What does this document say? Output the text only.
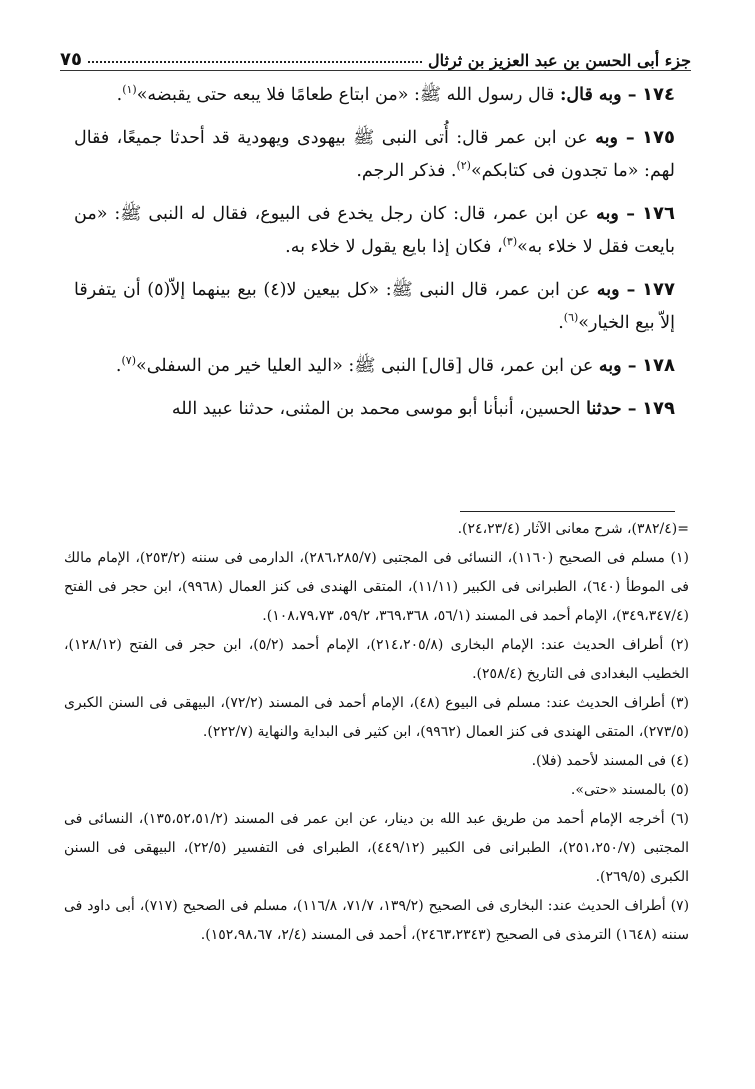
جزء أبى الحسن بن عبد العزيز بن ثرثال
٧٥

١٧٤ – وبه قال: قال رسول الله ﷺ: «من ابتاع طعامًا فلا يبعه حتى يقبضه»$^{(١)}$.

١٧٥ – وبه عن ابن عمر قال: أُتى النبى ﷺ بيهودى ويهودية قد أحدثا جميعًا، فقال لهم: «ما تجدون فى كتابكم»$^{(٢)}$. فذكر الرجم.

١٧٦ – وبه عن ابن عمر، قال: كان رجل يخدع فى البيوع، فقال له النبى ﷺ: «من بايعت فقل لا خلاء به»$^{(٣)}$، فكان إذا بايع يقول لا خلاء به.

١٧٧ – وبه عن ابن عمر، قال النبى ﷺ: «كل بيعين لا(٤) بيع بينهما إلاّ(٥) أن يتفرقا إلاّ بيع الخيار»$^{(٦)}$.

١٧٨ – وبه عن ابن عمر، قال [قال] النبى ﷺ: «اليد العليا خير من السفلى»$^{(٧)}$.

١٧٩ – حدثنا الحسين، أنبأنا أبو موسى محمد بن المثنى، حدثنا عبيد الله

=(٣٨٢/٤)، شرح معانى الآثار (٢٤،٢٣/٤).

(١) مسلم فى الصحيح (١١٦٠)، النسائى فى المجتبى (٢٨٦،٢٨٥/٧)، الدارمى فى سننه (٢٥٣/٢)، الإمام مالك فى الموطأ (٦٤٠)، الطبرانى فى الكبير (١١/١١)، المتقى الهندى فى كنز العمال (٩٩٦٨)، ابن حجر فى الفتح (٣٤٩،٣٤٧/٤)، الإمام أحمد فى المسند (٥٦/١، ٣٦٩،٣٦٨، ٥٩/٢، ١٠٨،٧٩،٧٣).

(٢) أطراف الحديث عند: الإمام البخارى (٢١٤،٢٠٥/٨)، الإمام أحمد (٥/٢)، ابن حجر فى الفتح (١٢٨/١٢)، الخطيب البغدادى فى التاريخ (٢٥٨/٤).

(٣) أطراف الحديث عند: مسلم فى البيوع (٤٨)، الإمام أحمد فى المسند (٧٢/٢)، البيهقى فى السنن الكبرى (٢٧٣/٥)، المتقى الهندى فى كنز العمال (٩٩٦٢)، ابن كثير فى البداية والنهاية (٢٢٢/٧).

(٤) فى المسند لأحمد (فلا).

(٥) بالمسند «حتى».

(٦) أخرجه الإمام أحمد من طريق عبد الله بن دينار، عن ابن عمر فى المسند (١٣٥،٥٢،٥١/٢)، النسائى فى المجتبى (٢٥١،٢٥٠/٧)، الطبرانى فى الكبير (٤٤٩/١٢)، الطبراى فى التفسير (٢٢/٥)، البيهقى فى السنن الكبرى (٢٦٩/٥).

(٧) أطراف الحديث عند: البخارى فى الصحيح (١٣٩/٢، ٧١/٧، ١١٦/٨)، مسلم فى الصحيح (٧١٧)، أبى داود فى سننه (١٦٤٨) الترمذى فى الصحيح (٢٤٦٣،٢٣٤٣)، أحمد فى المسند (٢/٤، ١٥٢،٩٨،٦٧).
